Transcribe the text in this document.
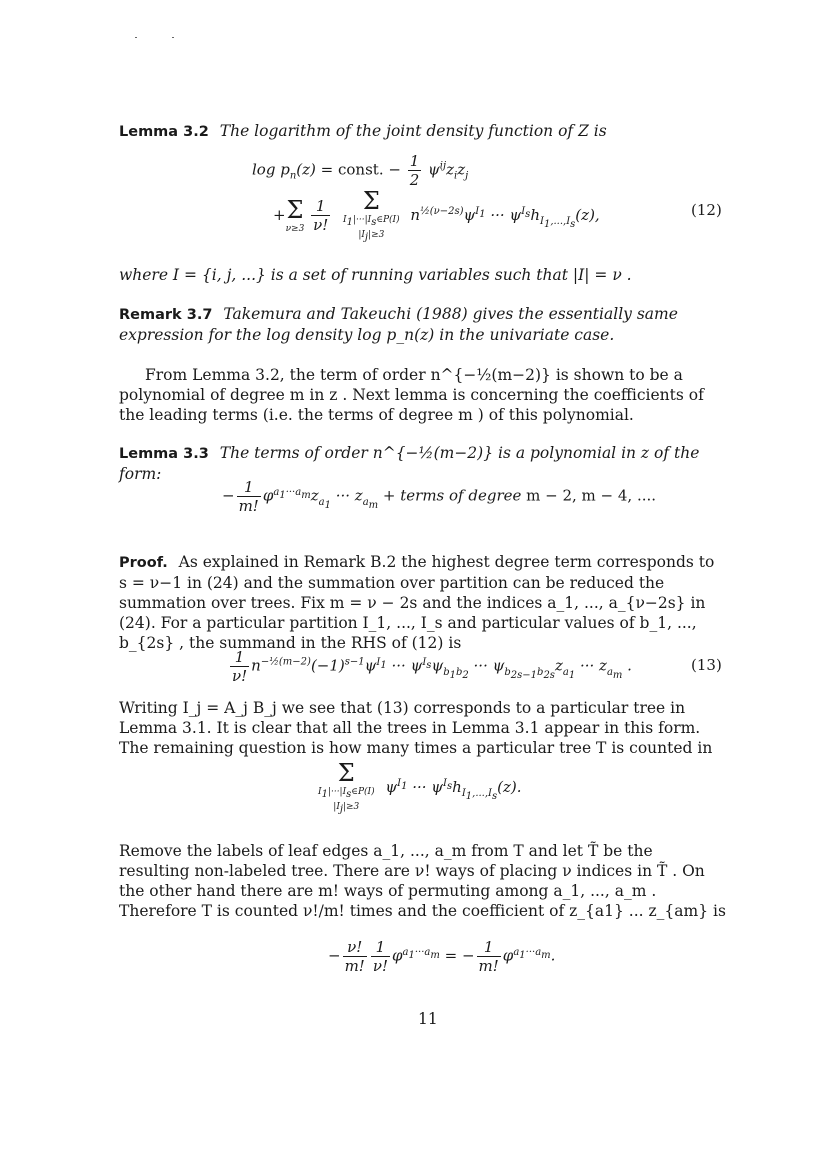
Lemma 3.2 The logarithm of the joint density function of Z is
$\log p_n(z)$ = const. − $\frac{1}{2} \psi^{ij}z_iz_j$
+ Σ
ν≥3
$\frac{1}{\nu!}$
	Σ
$I_1|\cdot\cdot\cdot|I_s\in P(I)$
$|I_j|\ge 3$
$n^{\frac{1}{2}(\nu-2s)}\psi^{I_1}$ ··· $\psi^{I_s}h_{I_1,...,I_s}(z)$,	(12)
where I = {i, j, ...} is a set of running variables such that |I| = ν .
Remark 3.7 Takemura and Takeuchi (1988) gives the essentially same expression for the log density log p_n(z) in the univariate case.
From Lemma 3.2, the term of order n^{−½(m−2)} is shown to be a polynomial of degree m in z . Next lemma is concerning the coefficients of the leading terms (i.e. the terms of degree m ) of this polynomial.
Lemma 3.3 The terms of order n^{−½(m−2)} is a polynomial in z of the form:
− $\frac{1}{m!} \varphi^{a_1\cdot\cdot\cdot a_m}z_{a_1}$ ··· $z_{a_m}$ + terms of degree m − 2, m − 4, ....
Proof. As explained in Remark B.2 the highest degree term corresponds to s = ν−1 in (24) and the summation over partition can be reduced the summation over trees. Fix m = ν − 2s and the indices a_1, ..., a_{ν−2s} in (24). For a particular partition I_1, ..., I_s and particular values of b_1, ..., b_{2s} , the summand in the RHS of (12) is
$\frac{1}{\nu!} n^{-\frac{1}{2}(m-2)}(-1)^{s-1}\psi^{I_1}$ ··· $\psi^{I_s}\psi_{b_1b_2}$ ··· $\psi_{b_{2s-1}b_{2s}}z_{a_1}$ ··· $z_{a_m}$ .	(13)
Writing I_j = A_j B_j we see that (13) corresponds to a particular tree in Lemma 3.1. It is clear that all the trees in Lemma 3.1 appear in this form. The remaining question is how many times a particular tree T is counted in
Σ
$I_1|\cdot\cdot\cdot|I_s\in P(I)$
$|I_j|\ge 3$
$\psi^{I_1}$ ··· $\psi^{I_s}h_{I_1,...,I_s}(z)$.
Remove the labels of leaf edges a_1, ..., a_m from T and let T̃ be the resulting non-labeled tree. There are ν! ways of placing ν indices in T̃ . On the other hand there are m! ways of permuting among a_1, ..., a_m . Therefore T is counted ν!/m! times and the coefficient of z_{a1} ... z_{am} is
− $\frac{\nu!}{m!} \frac{1}{\nu!} \varphi^{a_1\cdot\cdot\cdot a_m}$ = − $\frac{1}{m!} \varphi^{a_1\cdot\cdot\cdot a_m}$.
11
